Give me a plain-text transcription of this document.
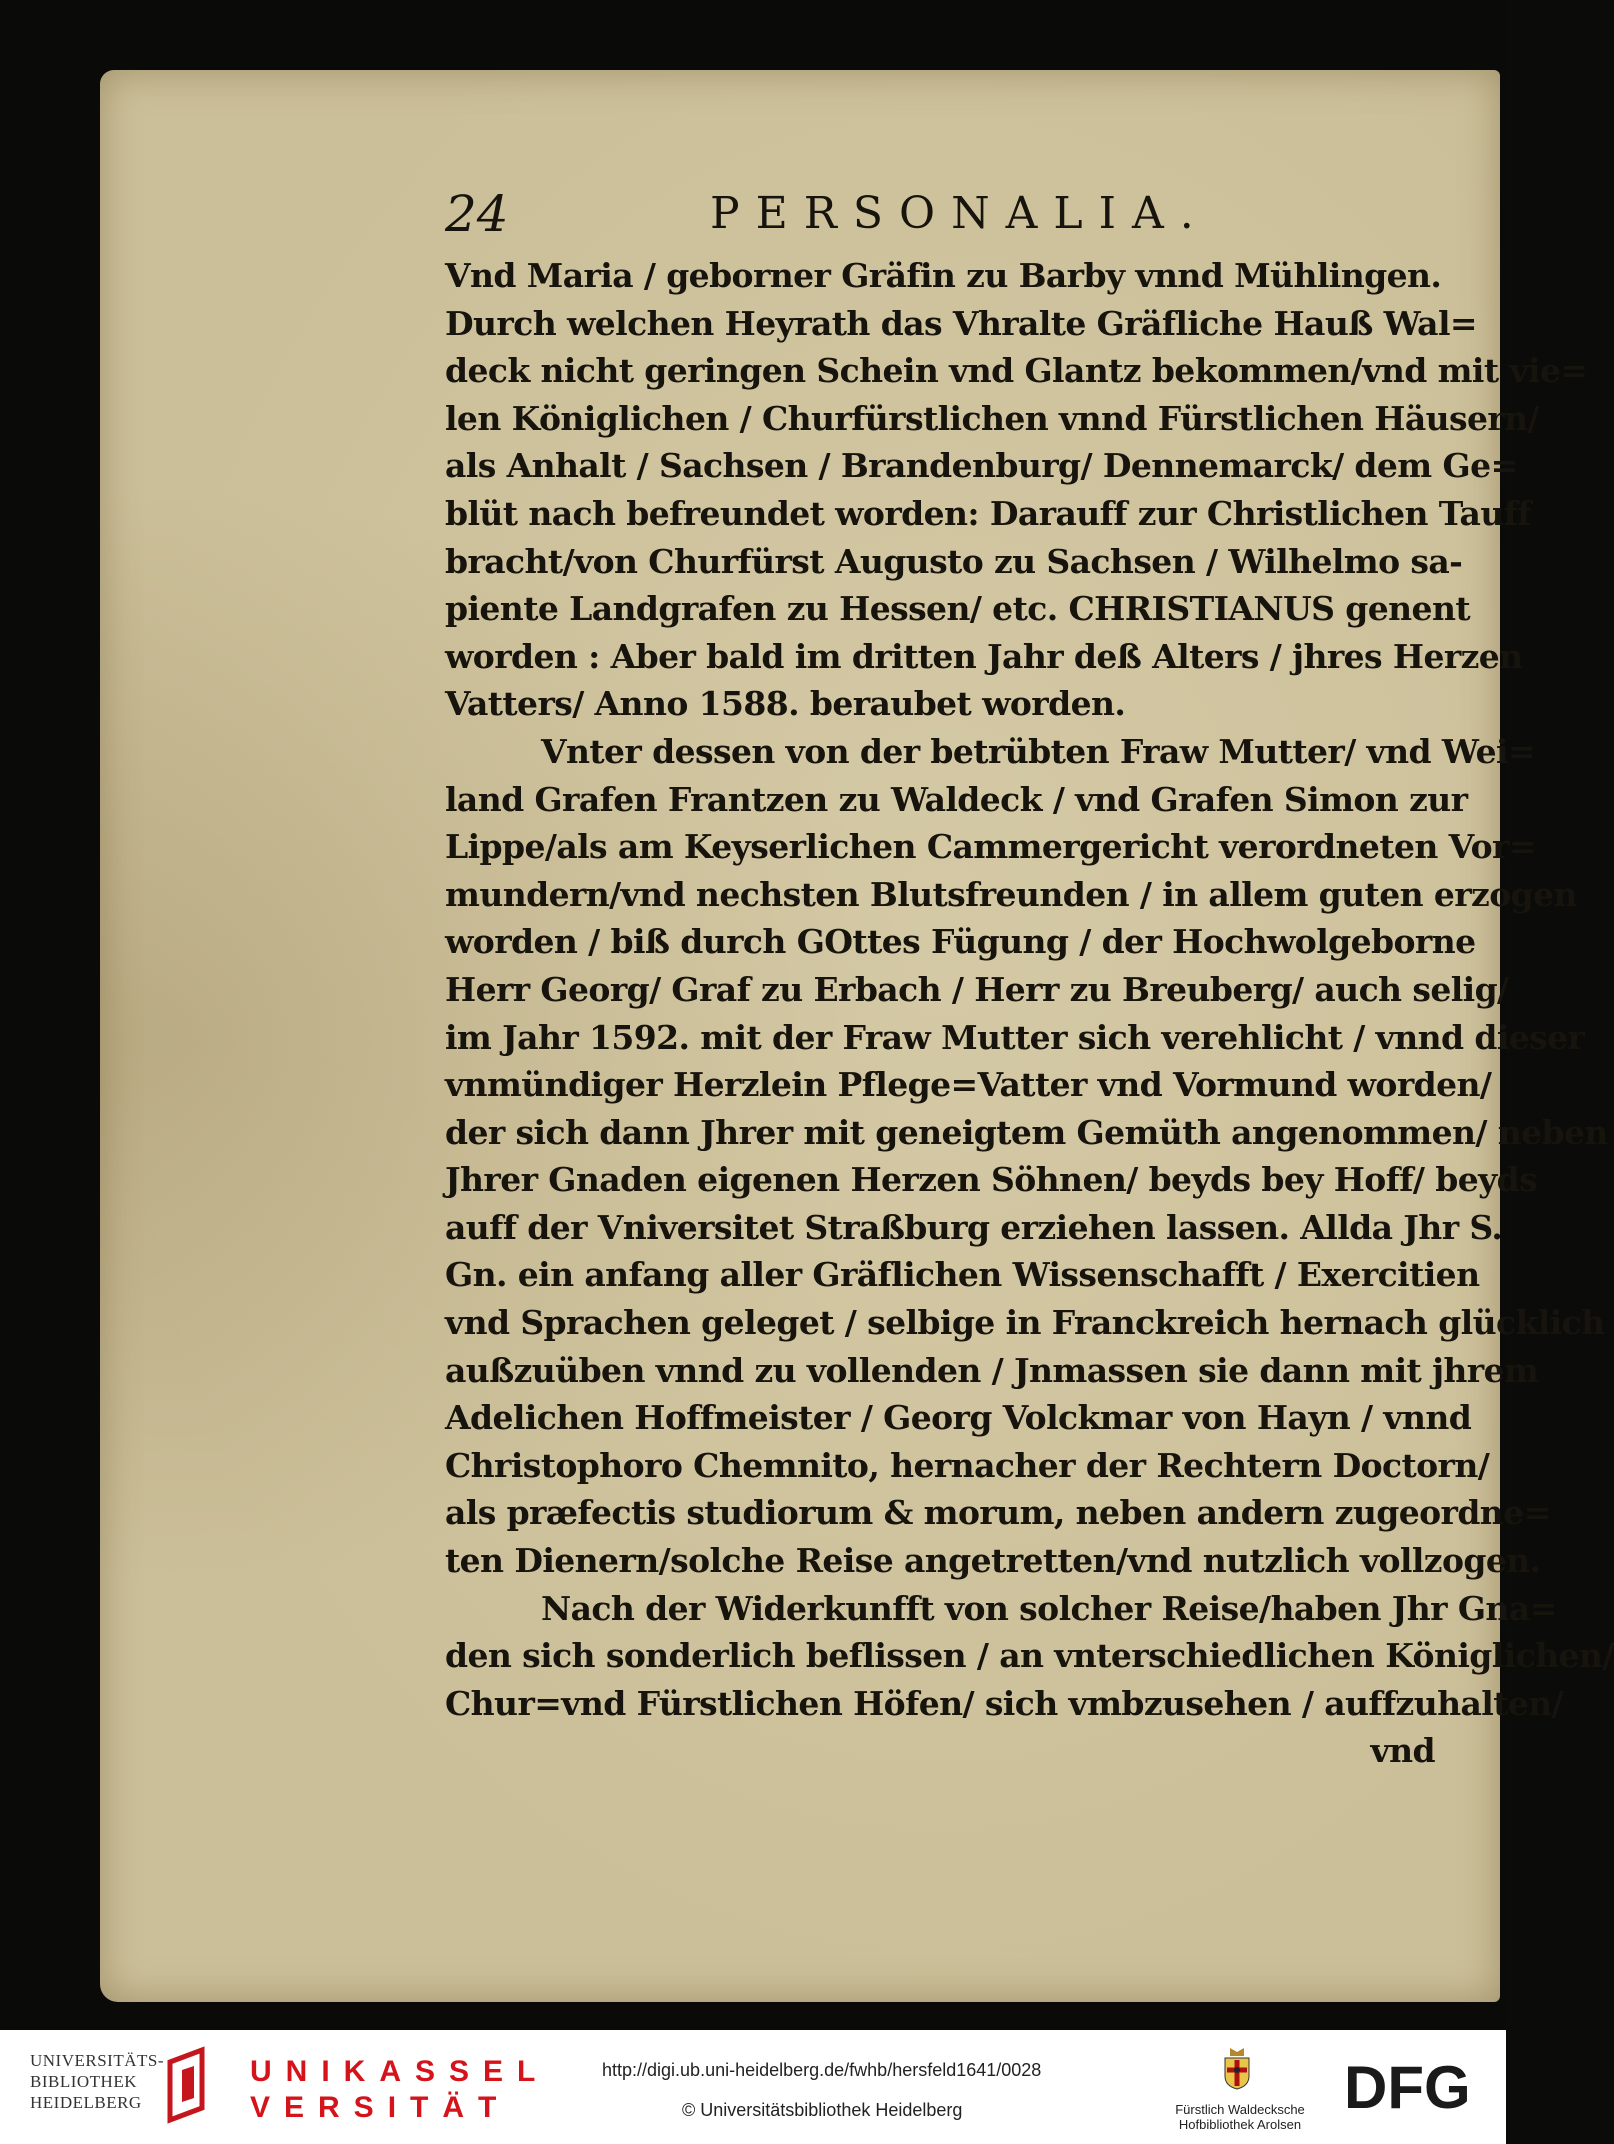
24	PERSONALIA.
Vnd Maria / geborner Gräfin zu Barby vnnd Mühlingen.
Durch welchen Heyrath das Vhralte Gräfliche Hauß Wal=
deck nicht geringen Schein vnd Glantz bekommen/vnd mit vie=
len Königlichen / Churfürstlichen vnnd Fürstlichen Häusern/
als Anhalt / Sachsen / Brandenburg/ Dennemarck/ dem Ge=
blüt nach befreundet worden: Darauff zur Christlichen Tauff
bracht/von Churfürst Augusto zu Sachsen / Wilhelmo sa-
piente Landgrafen zu Hessen/ etc. CHRISTIANUS genent
worden : Aber bald im dritten Jahr deß Alters / jhres Herzen
Vatters/ Anno 1588. beraubet worden.
Vnter dessen von der betrübten Fraw Mutter/ vnd Wei=
land Grafen Frantzen zu Waldeck / vnd Grafen Simon zur
Lippe/als am Keyserlichen Cammergericht verordneten Vor=
mundern/vnd nechsten Blutsfreunden / in allem guten erzogen
worden / biß durch GOttes Fügung / der Hochwolgeborne
Herr Georg/ Graf zu Erbach / Herr zu Breuberg/ auch selig/
im Jahr 1592. mit der Fraw Mutter sich verehlicht / vnnd dieser
vnmündiger Herzlein Pflege=Vatter vnd Vormund worden/
der sich dann Jhrer mit geneigtem Gemüth angenommen/ neben
Jhrer Gnaden eigenen Herzen Söhnen/ beyds bey Hoff/ beyds
auff der Vniversitet Straßburg erziehen lassen. Allda Jhr S.
Gn. ein anfang aller Gräflichen Wissenschafft / Exercitien
vnd Sprachen geleget / selbige in Franckreich hernach glücklich
außzuüben vnnd zu vollenden / Jnmassen sie dann mit jhrem
Adelichen Hoffmeister / Georg Volckmar von Hayn / vnnd
Christophoro Chemnito, hernacher der Rechtern Doctorn/
als præfectis studiorum & morum, neben andern zugeordne=
ten Dienern/solche Reise angetretten/vnd nutzlich vollzogen.
Nach der Widerkunfft von solcher Reise/haben Jhr Gna=
den sich sonderlich beflissen / an vnterschiedlichen Königlichen/
Chur=vnd Fürstlichen Höfen/ sich vmbzusehen / auffzuhalten/
vnd
UNIVERSITÄTS-
BIBLIOTHEK
HEIDELBERG
UNIKASSEL
VERSITÄT
http://digi.ub.uni-heidelberg.de/fwhb/hersfeld1641/0028
© Universitätsbibliothek Heidelberg	Fürstlich Waldecksche
Hofbibliothek Arolsen
DFG
